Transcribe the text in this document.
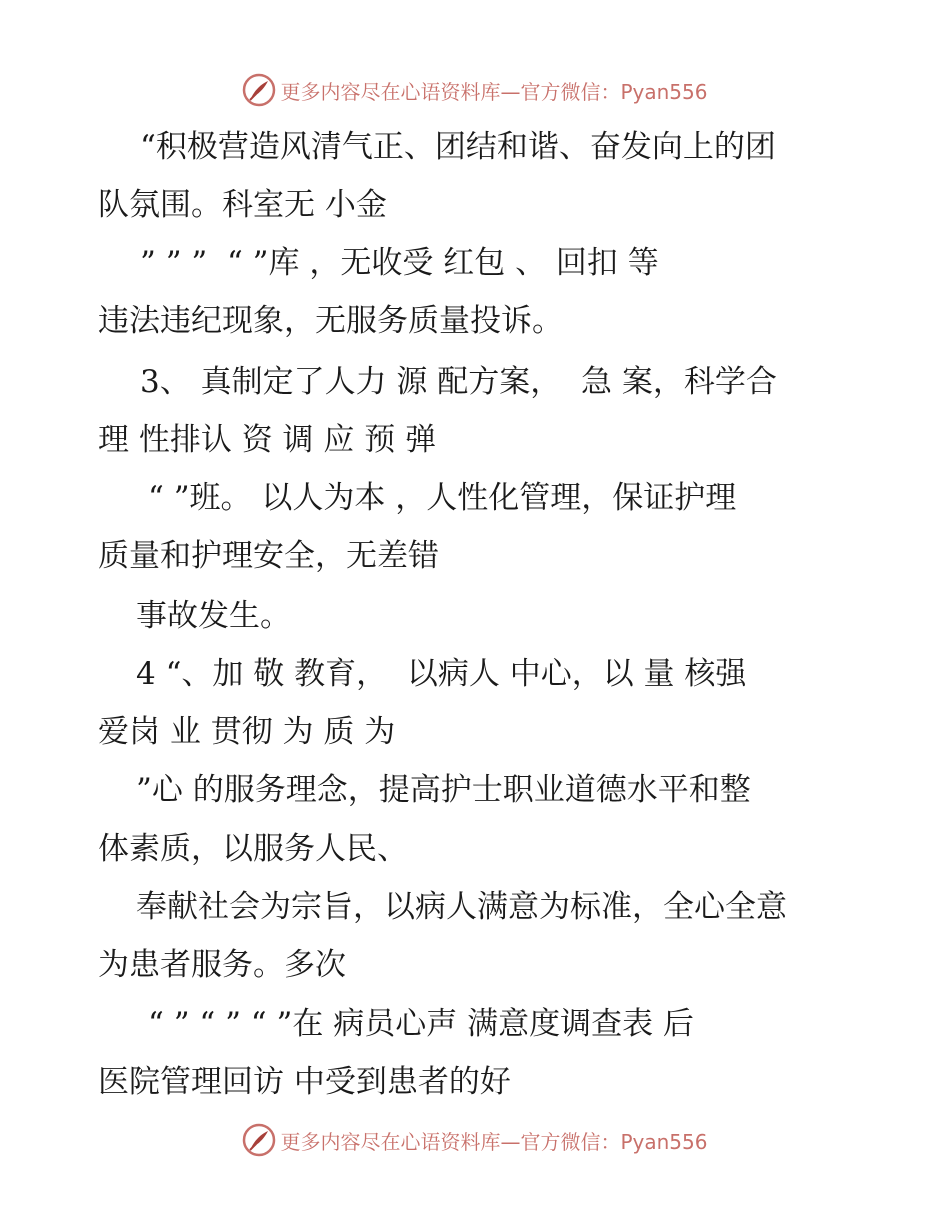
更多内容尽在心语资料库—官方微信：Pyan556
“积极营造风清气正、团结和谐、奋发向上的团
队氛围。科室无 小金
” ” ”  “ ”库 ，无收受 红包 、 回扣 等
违法违纪现象，无服务质量投诉。
3、 真制定了人力 源 配方案，  急 案，科学合
理 性排认 资 调 应 预 弹
“ ”班。 以人为本 ，人性化管理，保证护理
质量和护理安全，无差错
事故发生。
4 “、加 敬 教育，  以病人 中心，以 量 核强
爱岗 业 贯彻 为 质 为
”心 的服务理念，提高护士职业道德水平和整
体素质，以服务人民、
奉献社会为宗旨，以病人满意为标准，全心全意
为患者服务。多次
“ ” “ ” “ ”在 病员心声 满意度调查表 后
医院管理回访 中受到患者的好
更多内容尽在心语资料库—官方微信：Pyan556
